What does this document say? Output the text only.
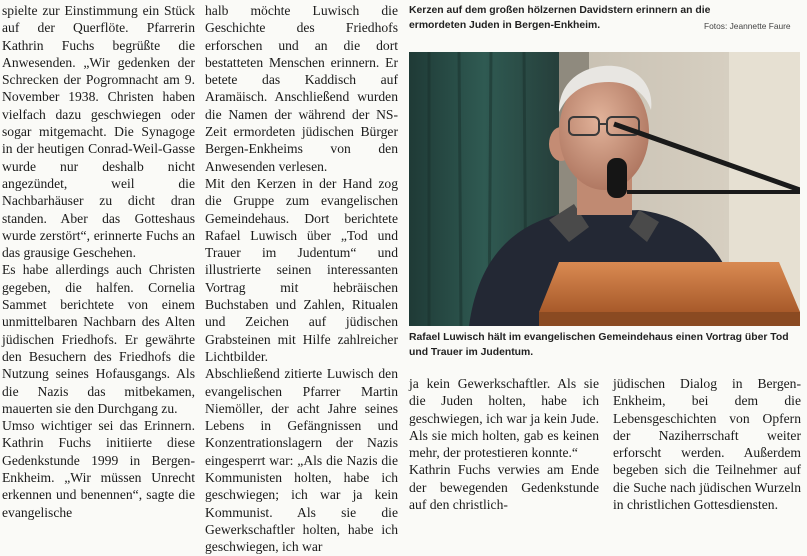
spielte zur Einstimmung ein Stück auf der Querflöte. Pfarrerin Kathrin Fuchs begrüßte die Anwesenden. „Wir gedenken der Schrecken der Pogromnacht am 9. November 1938. Christen haben vielfach dazu geschwiegen oder sogar mitgemacht. Die Synagoge in der heutigen Conrad-Weil-Gasse wurde nur deshalb nicht angezündet, weil die Nachbarhäuser zu dicht dran standen. Aber das Gotteshaus wurde zerstört“, erinnerte Fuchs an das grausige Geschehen.

Es habe allerdings auch Christen gegeben, die halfen. Cornelia Sammet berichtete von einem unmittelbaren Nachbarn des Alten jüdischen Friedhofs. Er gewährte den Besuchern des Friedhofs die Nutzung seines Hofausgangs. Als die Nazis das mitbekamen, mauerten sie den Durchgang zu.

Umso wichtiger sei das Erinnern. Kathrin Fuchs initiierte diese Gedenkstunde 1999 in Bergen-Enkheim. „Wir müssen Unrecht erkennen und benennen“, sagte die evangelische

halb möchte Luwisch die Geschichte des Friedhofs erforschen und an die dort bestatteten Menschen erinnern. Er betete das Kaddisch auf Aramäisch. Anschließend wurden die Namen der während der NS-Zeit ermordeten jüdischen Bürger Bergen-Enkheims von den Anwesenden verlesen.

Mit den Kerzen in der Hand zog die Gruppe zum evangelischen Gemeindehaus. Dort berichtete Rafael Luwisch über „Tod und Trauer im Judentum“ und illustrierte seinen interessanten Vortrag mit hebräischen Buchstaben und Zahlen, Ritualen und Zeichen auf jüdischen Grabsteinen mit Hilfe zahlreicher Lichtbilder.

Abschließend zitierte Luwisch den evangelischen Pfarrer Martin Niemöller, der acht Jahre seines Lebens in Gefängnissen und Konzentrationslagern der Nazis eingesperrt war: „Als die Nazis die Kommunisten holten, habe ich geschwiegen; ich war ja kein Kommunist. Als sie die Gewerkschaftler holten, habe ich geschwiegen, ich war

Kerzen auf dem großen hölzernen Davidstern erinnern an die ermordeten Juden in Bergen-Enkheim.	Fotos: Jeannette Faure
Rafael Luwisch hält im evangelischen Gemeindehaus einen Vortrag über Tod und Trauer im Judentum.

ja kein Gewerkschaftler. Als sie die Juden holten, habe ich geschwiegen, ich war ja kein Jude. Als sie mich holten, gab es keinen mehr, der protestieren konnte.“

Kathrin Fuchs verwies am Ende der bewegenden Gedenkstunde auf den christlich-

jüdischen Dialog in Bergen-Enkheim, bei dem die Lebensgeschichten von Opfern der Naziherrschaft weiter erforscht werden. Außerdem begeben sich die Teilnehmer auf die Suche nach jüdischen Wurzeln in christlichen Gottesdiensten.
